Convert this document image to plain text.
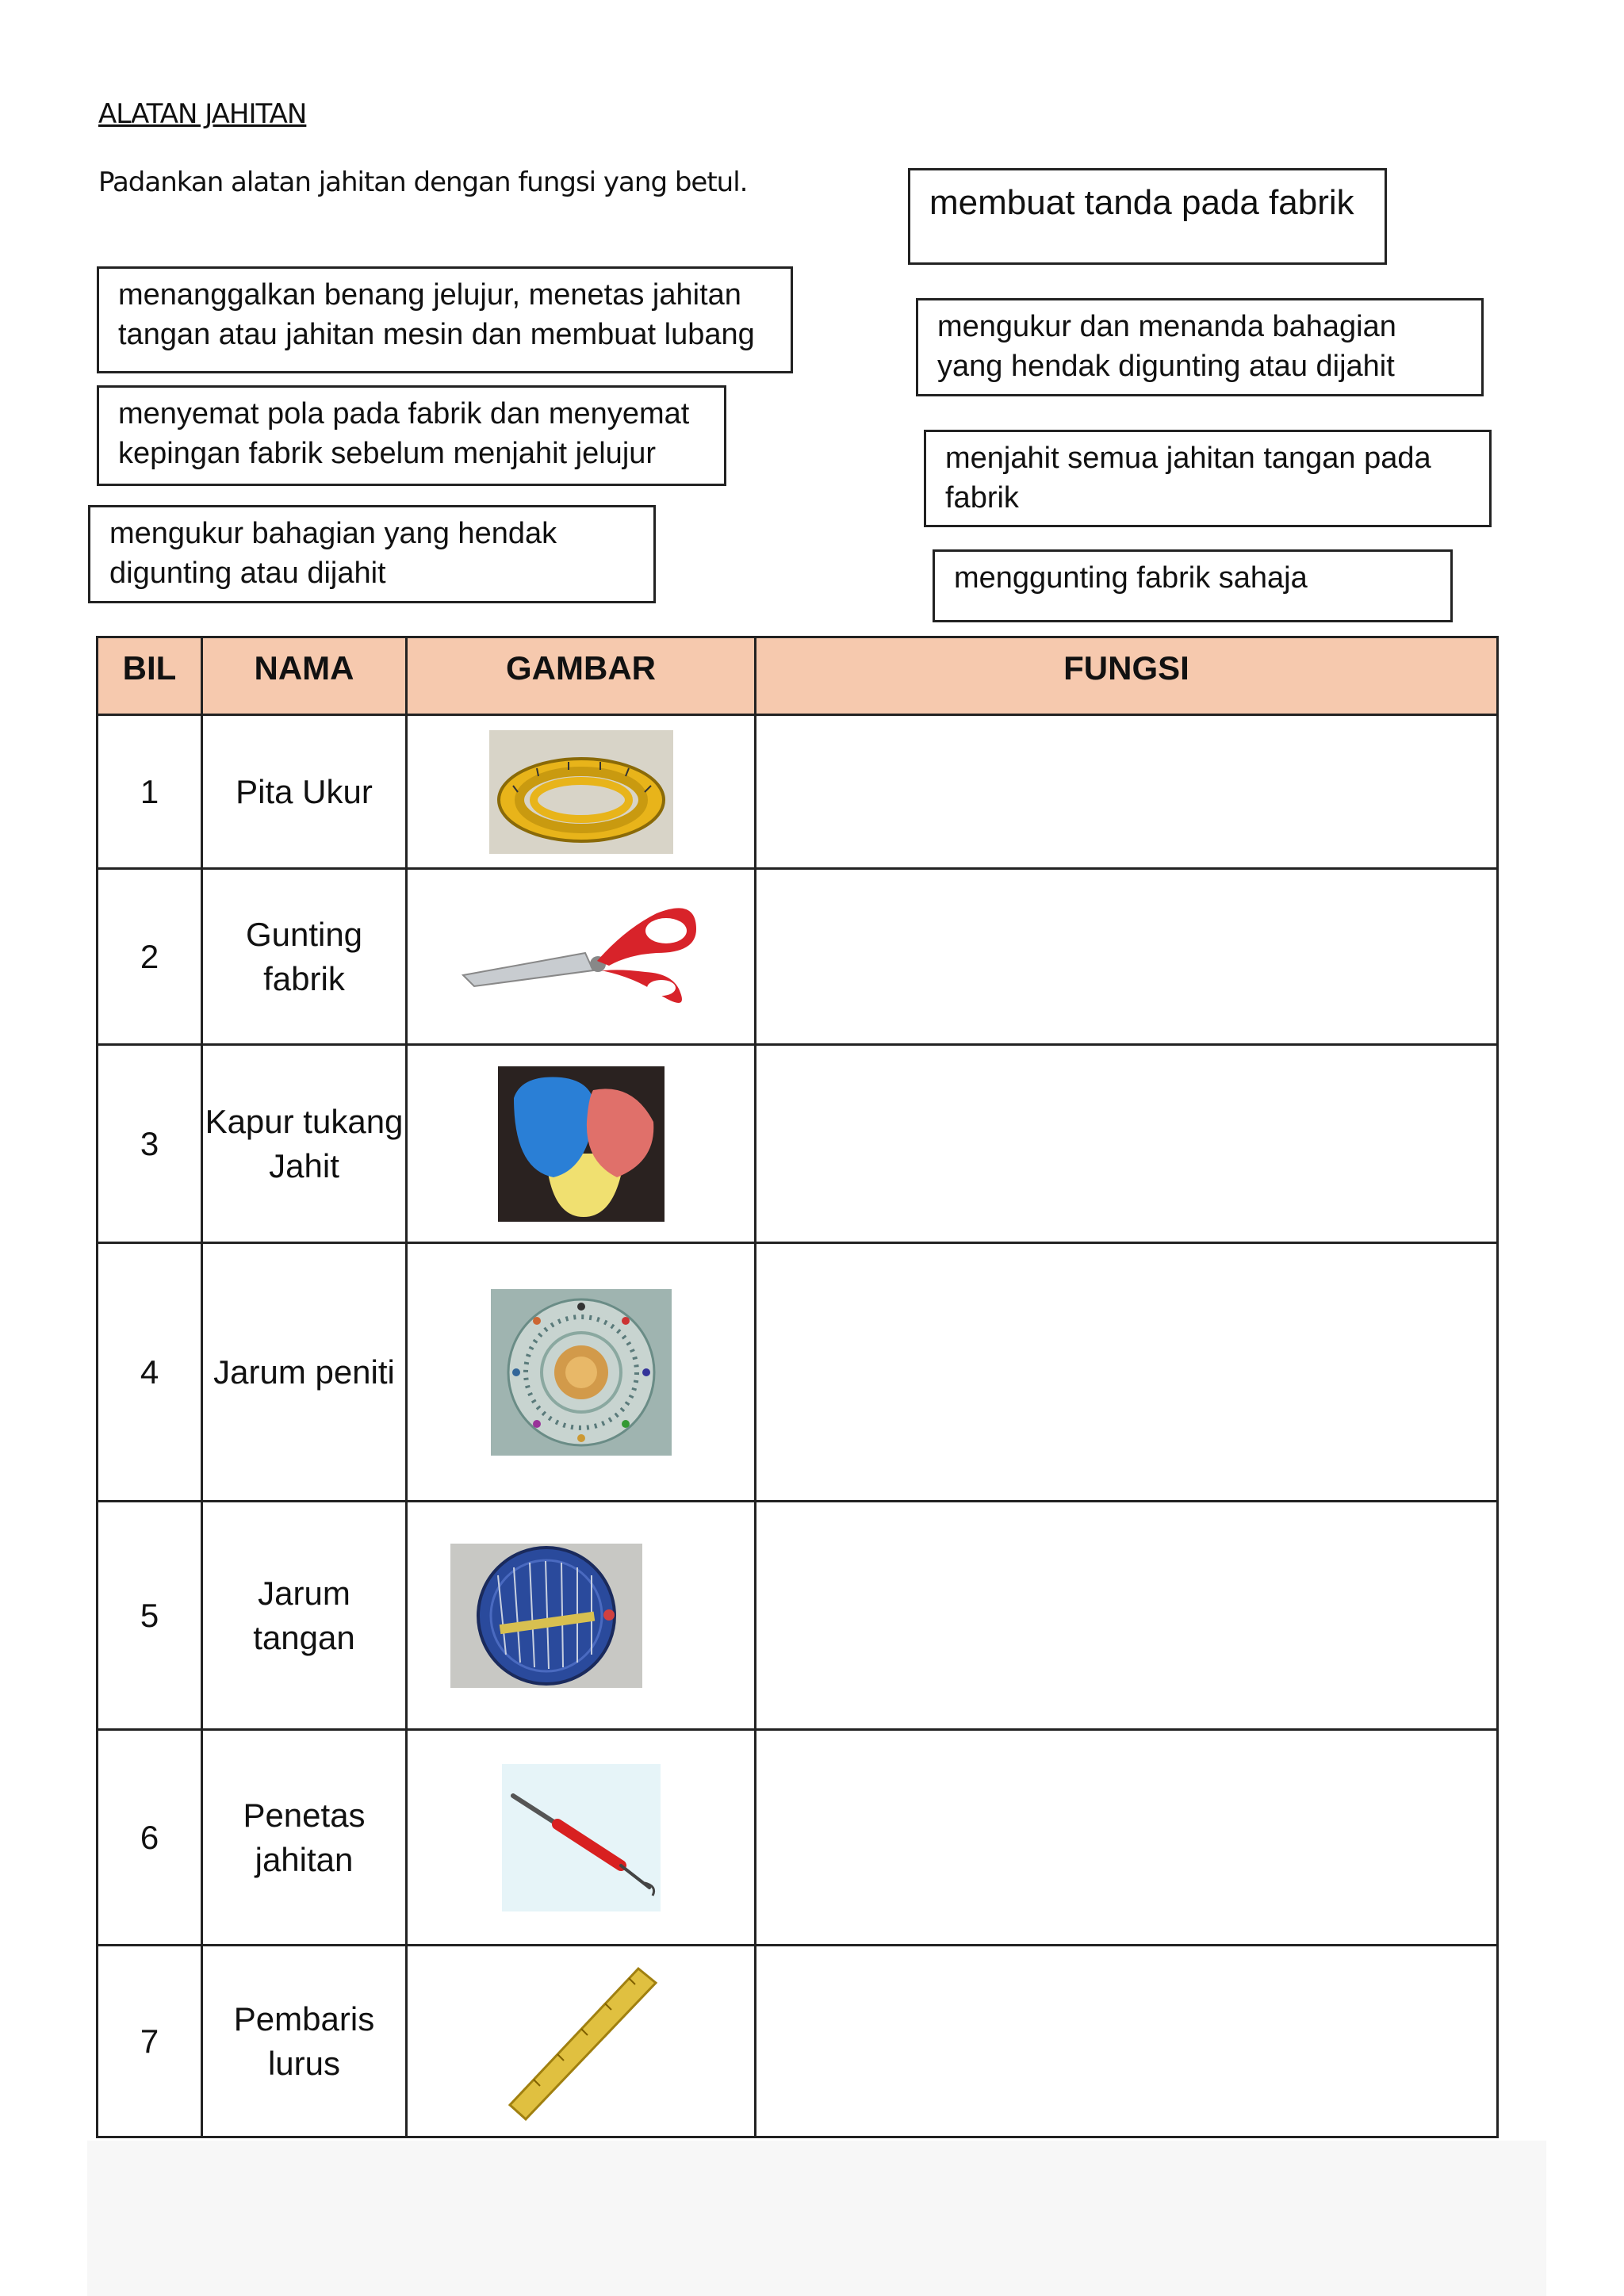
ALATAN JAHITAN
Padankan alatan jahitan dengan fungsi yang betul.
membuat tanda pada fabrik
menanggalkan benang jelujur, menetas jahitan tangan atau jahitan mesin dan membuat lubang	mengukur dan menanda bahagian yang hendak digunting atau dijahit
menyemat pola pada fabrik dan menyemat kepingan fabrik sebelum menjahit jelujur	menjahit semua jahitan tangan pada fabrik
mengukur bahagian yang hendak digunting atau dijahit	menggunting fabrik sahaja
BIL	NAMA	GAMBAR	FUNGSI
1	Pita Ukur	

2	Gunting fabrik	

3	Kapur tukang Jahit	

4	Jarum peniti	

5	Jarum tangan	

6	Penetas jahitan	

7	Pembaris lurus	
